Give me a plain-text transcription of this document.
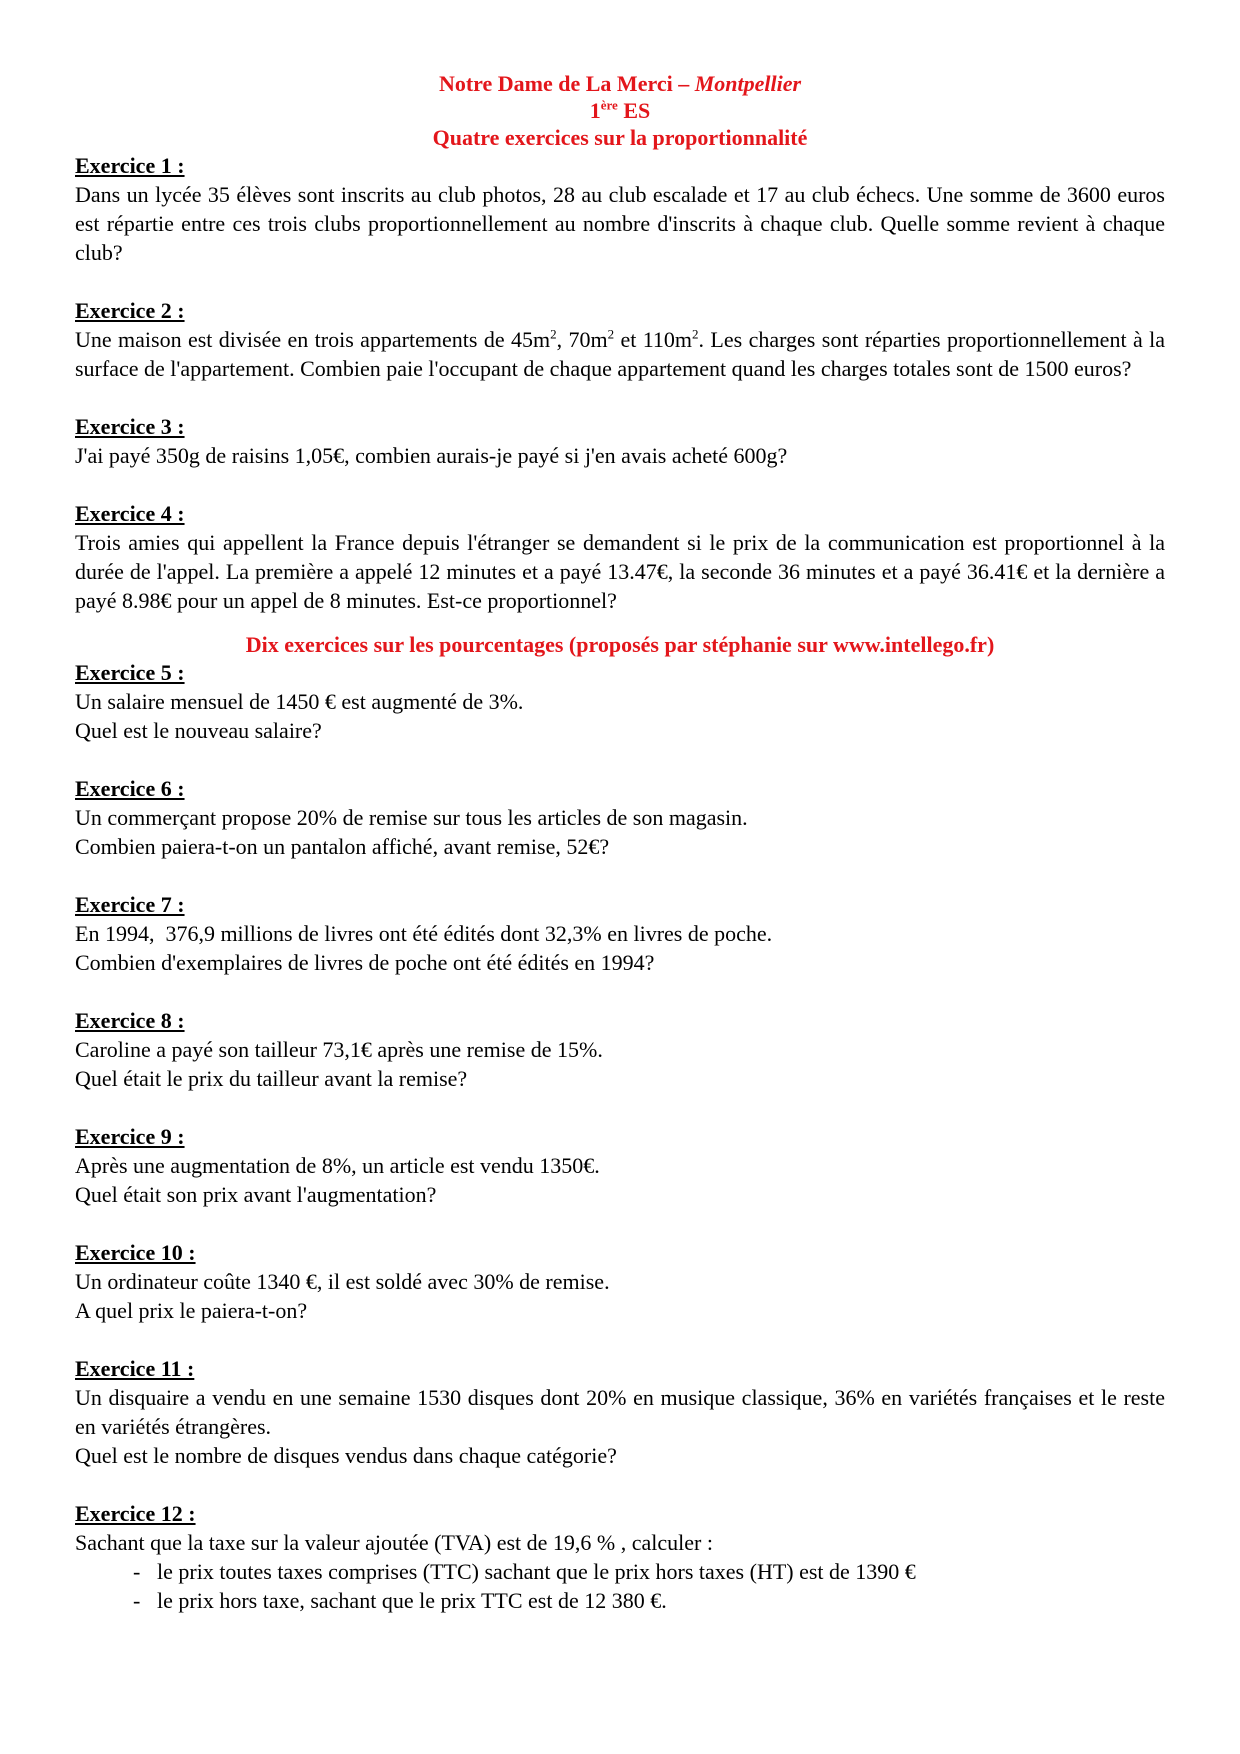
Notre Dame de La Merci – Montpellier
1ère ES
Quatre exercices sur la proportionnalité
Exercice 1 :
Dans un lycée 35 élèves sont inscrits au club photos, 28 au club escalade et 17 au club échecs. Une somme de 3600 euros est répartie entre ces trois clubs proportionnellement au nombre d'inscrits à chaque club. Quelle somme revient à chaque club?
Exercice 2 :
Une maison est divisée en trois appartements de $45m^2$, $70m^2$ et $110m^2$. Les charges sont réparties proportionnellement à la surface de l'appartement. Combien paie l'occupant de chaque appartement quand les charges totales sont de 1500 euros?
Exercice 3 :
J'ai payé 350g de raisins 1,05€, combien aurais-je payé si j'en avais acheté 600g?
Exercice 4 :
Trois amies qui appellent la France depuis l'étranger se demandent si le prix de la communication est proportionnel à la durée de l'appel. La première a appelé 12 minutes et a payé 13.47€, la seconde 36 minutes et a payé 36.41€ et la dernière a payé 8.98€ pour un appel de 8 minutes. Est-ce proportionnel?
Dix exercices sur les pourcentages (proposés par stéphanie sur www.intellego.fr)
Exercice 5 :
Un salaire mensuel de 1450 € est augmenté de 3%.
Quel est le nouveau salaire?
Exercice 6 :
Un commerçant propose 20% de remise sur tous les articles de son magasin.
Combien paiera-t-on un pantalon affiché, avant remise, 52€?
Exercice 7 :
En 1994,  376,9 millions de livres ont été édités dont 32,3% en livres de poche.
Combien d'exemplaires de livres de poche ont été édités en 1994?
Exercice 8 :
Caroline a payé son tailleur 73,1€ après une remise de 15%.
Quel était le prix du tailleur avant la remise?
Exercice 9 :
Après une augmentation de 8%, un article est vendu 1350€.
Quel était son prix avant l'augmentation?
Exercice 10 :
Un ordinateur coûte 1340 €, il est soldé avec 30% de remise.
A quel prix le paiera-t-on?
Exercice 11 :
Un disquaire a vendu en une semaine 1530 disques dont 20% en musique classique, 36% en variétés françaises et le reste en variétés étrangères.
Quel est le nombre de disques vendus dans chaque catégorie?
Exercice 12 :
Sachant que la taxe sur la valeur ajoutée (TVA) est de 19,6 % , calculer :
- le prix toutes taxes comprises (TTC) sachant que le prix hors taxes (HT) est de 1390 €
- le prix hors taxe, sachant que le prix TTC est de 12 380 €.
